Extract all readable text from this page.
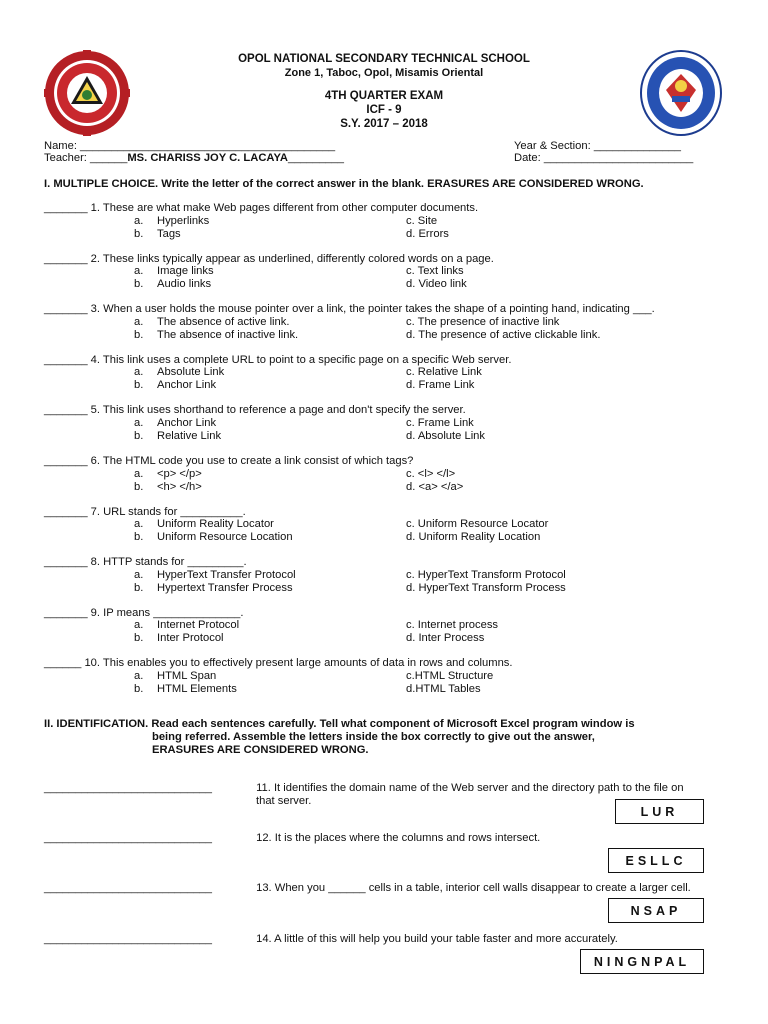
OPOL NATIONAL SECONDARY TECHNICAL SCHOOL
Zone 1, Taboc, Opol, Misamis Oriental
4TH QUARTER EXAM
ICF - 9
S.Y. 2017 – 2018
Name: _________________________________________	Year & Section: ______________
Teacher: ______MS. CHARISS JOY C. LACAYA_________	Date: ________________________
I. MULTIPLE CHOICE. Write the letter of the correct answer in the blank. ERASURES ARE CONSIDERED WRONG.
_______ 1. These are what make Web pages different from other computer documents.
a. Hyperlinks
b. Tags
c. Site
d. Errors
_______ 2. These links typically appear as underlined, differently colored words on a page.
a. Image links
b. Audio links
c. Text links
d. Video link
_______ 3. When a user holds the mouse pointer over a link, the pointer takes the shape of a pointing hand, indicating ___.
a. The absence of active link.
b. The absence of inactive link.
c. The presence of inactive link
d. The presence of active clickable link.
_______ 4. This link uses a complete URL to point to a specific page on a specific Web server.
a. Absolute Link
b. Anchor Link
c. Relative Link
d. Frame Link
_______ 5. This link uses shorthand to reference a page and don't specify the server.
a. Anchor Link
b. Relative Link
c. Frame Link
d. Absolute Link
_______ 6. The HTML code you use to create a link consist of which tags?
a. <p> </p>
b. <h> </h>
c. <l> </l>
d. <a> </a>
_______ 7. URL stands for __________.
a. Uniform Reality Locator
b. Uniform Resource Location
c. Uniform Resource Locator
d. Uniform Reality Location
_______ 8. HTTP stands for _________.
a. HyperText Transfer Protocol
b. Hypertext Transfer Process
c. HyperText Transform Protocol
d. HyperText Transform Process
_______ 9. IP means ______________.
a. Internet Protocol
b. Inter Protocol
c. Internet process
d. Inter Process
______ 10. This enables you to effectively present large amounts of data in rows and columns.
a. HTML Span
b. HTML Elements
c.HTML Structure
d.HTML Tables
II. IDENTIFICATION. Read each sentences carefully. Tell what component of Microsoft Excel program window is
being referred. Assemble the letters inside the box correctly to give out the answer,
ERASURES ARE CONSIDERED WRONG.
___________________________	11. It identifies the domain name of the Web server and the directory path to the file on
that server.
LUR
___________________________	12. It is the places where the columns and rows intersect.
ESLLC
___________________________	13. When you ______ cells in a table, interior cell walls disappear to create a larger cell.
NSAP
___________________________	14. A little of this will help you build your table faster and more accurately.
NINGNPAL
